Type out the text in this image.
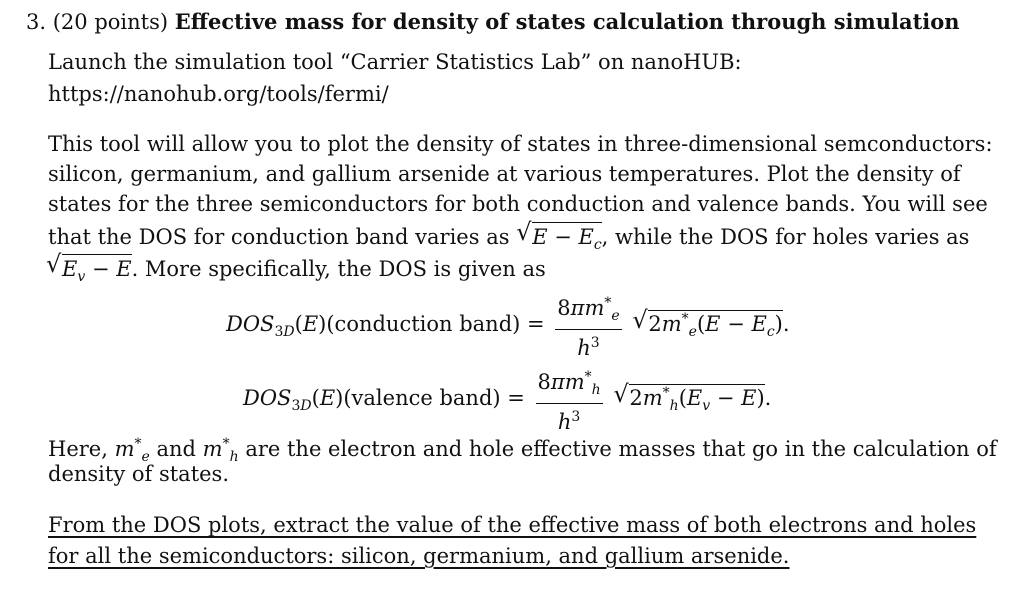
3. (20 points) Effective mass for density of states calculation through simulation
Launch the simulation tool “Carrier Statistics Lab” on nanoHUB:
https://nanohub.org/tools/fermi/
This tool will allow you to plot the density of states in three-dimensional semconductors:
silicon, germanium, and gallium arsenide at various temperatures. Plot the density of
states for the three semiconductors for both conduction and valence bands. You will see
that the DOS for conduction band varies as √ $E - E_c$, while the DOS for holes varies as
√ $E_v - E$. More specifically, the DOS is given as
$DOS_{3D}(E)(conduction$ band) = $\frac{8\pi m^*_e}{h^3}$
√ $2m^*_e(E - E_c)$.
$DOS_{3D}(E)(valence$ band) = $\frac{8\pi m^*_h}{h^3}$
√ $2m^*_h(E_v - E)$.
Here, $m^*_e$ and $m^*_h$ are the electron and hole effective masses that go in the calculation of
density of states.
From the DOS plots, extract the value of the effective mass of both electrons and holes
for all the semiconductors: silicon, germanium, and gallium arsenide.
